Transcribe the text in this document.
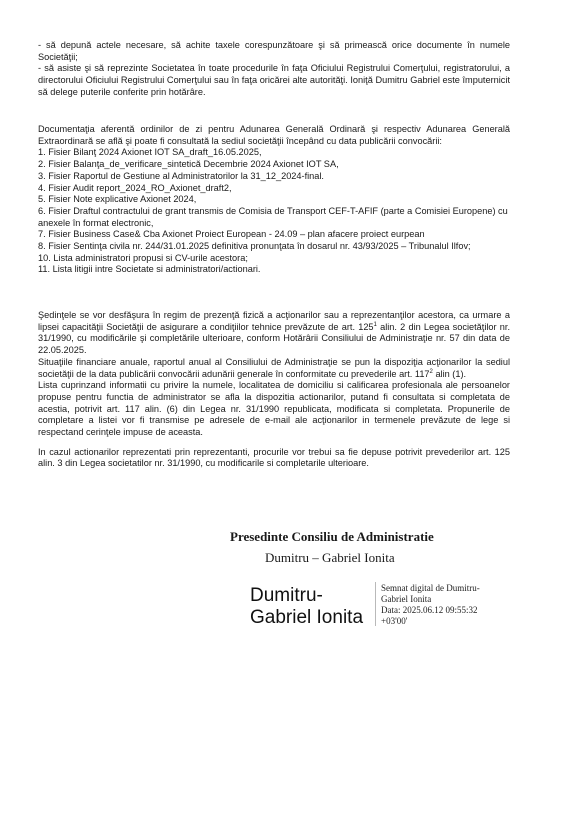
- să depună actele necesare, să achite taxele corespunzătoare şi să primească orice documente în numele Societăţii;
- să asiste şi să reprezinte Societatea în toate procedurile în faţa Oficiului Registrului Comerţului, registratorului, a directorului Oficiului Registrului Comerţului sau în faţa oricărei alte autorităţi. Ioniţă Dumitru Gabriel este împuternicit să delege puterile conferite prin hotărâre.
Documentaţia aferentă ordinilor de zi pentru Adunarea Generală Ordinară şi respectiv Adunarea Generală Extraordinară se află şi poate fi consultată la sediul societăţii începând cu data publicării convocării:
1. Fisier Bilanţ 2024 Axionet IOT SA_draft_16.05.2025,
2. Fisier Balanţa_de_verificare_sintetică Decembrie 2024 Axionet IOT SA,
3. Fisier Raportul de Gestiune al Administratorilor la 31_12_2024-final.
4. Fisier Audit report_2024_RO_Axionet_draft2,
5. Fisier Note explicative Axionet 2024,
6. Fisier Draftul contractului de grant transmis de Comisia de Transport CEF-T-AFIF (parte a Comisiei Europene) cu anexele în format electronic,
7. Fisier Business Case& Cba Axionet Proiect European - 24.09 – plan afacere proiect eurpean
8. Fisier Sentinţa civila nr. 244/31.01.2025 definitiva pronunţata în dosarul nr. 43/93/2025 – Tribunalul Ilfov;
10. Lista administratori propusi si CV-urile acestora;
11. Lista litigii intre Societate si administratori/actionari.
Şedinţele se vor desfăşura în regim de prezenţă fizică a acţionarilor sau a reprezentanţilor acestora, ca urmare a lipsei capacităţii Societăţii de asigurare a condiţiilor tehnice prevăzute de art. $125^1$ alin. 2 din Legea societăţilor nr. 31/1990, cu modificările şi completările ulterioare, conform Hotărârii Consiliului de Administraţie nr. 57 din data de 22.05.2025.
Situaţiile financiare anuale, raportul anual al Consiliului de Administraţie se pun la dispoziţia acţionarilor la sediul societăţii de la data publicării convocării adunării generale în conformitate cu prevederile art. $117^2$ alin (1).
Lista cuprinzand informatii cu privire la numele, localitatea de domiciliu si calificarea profesionala ale persoanelor propuse pentru functia de administrator se afla la dispozitia actionarilor, putand fi consultata si completata de acestia, potrivit art. 117 alin. (6) din Legea nr. 31/1990 republicata, modificata si completata. Propunerile de completare a listei vor fi transmise pe adresele de e-mail ale acţionarilor in termenele prevăzute de lege si respectand cerinţele impuse de aceasta.
In cazul actionarilor reprezentati prin reprezentanti, procurile vor trebui sa fie depuse potrivit prevederilor art. 125 alin. 3 din Legea societatilor nr. 31/1990, cu modificarile si completarile ulterioare.
Presedinte Consiliu de Administratie
Dumitru – Gabriel Ionita
Dumitru-
Gabriel Ionita
Semnat digital de Dumitru-
Gabriel Ionita
Data: 2025.06.12 09:55:32
+03'00'
